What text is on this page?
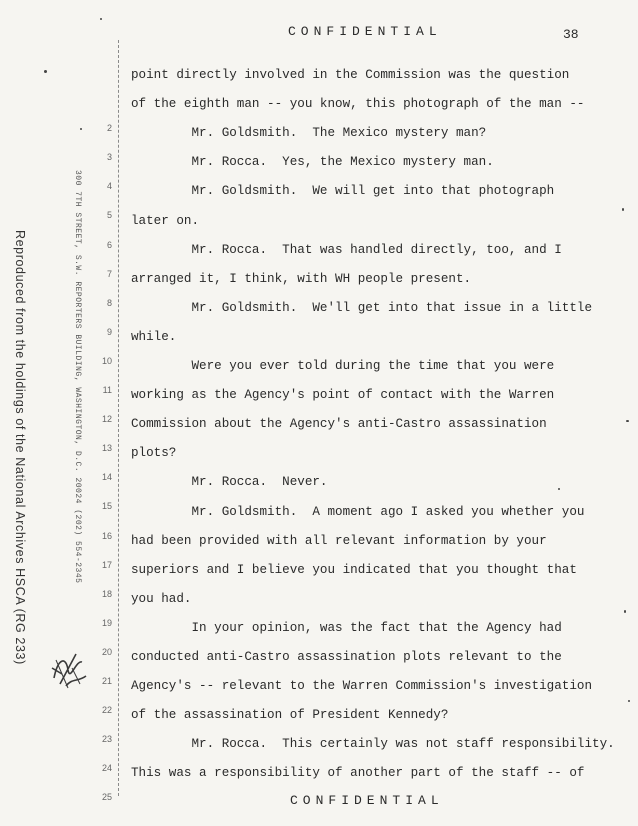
CONFIDENTIAL	38
Reproduced from the holdings of the National Archives HSCA (RG 233)	300 7TH STREET, S.W. REPORTERS BUILDING, WASHINGTON, D.C. 20024 (202) 554-2345
2
3
4
5
6
7
8
9
10
11
12
13
14
15
16
17
18
19
20
21
22
23
24
25
point directly involved in the Commission was the question
of the eighth man -- you know, this photograph of the man --
Mr. Goldsmith.  The Mexico mystery man?
Mr. Rocca.  Yes, the Mexico mystery man.
Mr. Goldsmith.  We will get into that photograph
later on.
Mr. Rocca.  That was handled directly, too, and I
arranged it, I think, with WH people present.
Mr. Goldsmith.  We'll get into that issue in a little
while.
Were you ever told during the time that you were
working as the Agency's point of contact with the Warren
Commission about the Agency's anti-Castro assassination
plots?
Mr. Rocca.  Never.
Mr. Goldsmith.  A moment ago I asked you whether you
had been provided with all relevant information by your
superiors and I believe you indicated that you thought that
you had.
In your opinion, was the fact that the Agency had
conducted anti-Castro assassination plots relevant to the
Agency's -- relevant to the Warren Commission's investigation
of the assassination of President Kennedy?
Mr. Rocca.  This certainly was not staff responsibility.
This was a responsibility of another part of the staff -- of
CONFIDENTIAL
